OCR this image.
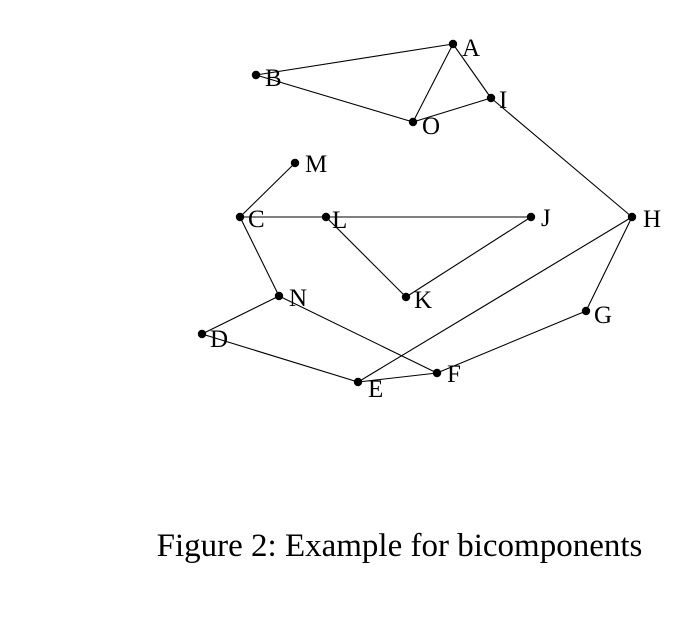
A
B
I
O
M
C	L	J	H
N	K
G
D
E
F
Figure 2: Example for bicomponents
